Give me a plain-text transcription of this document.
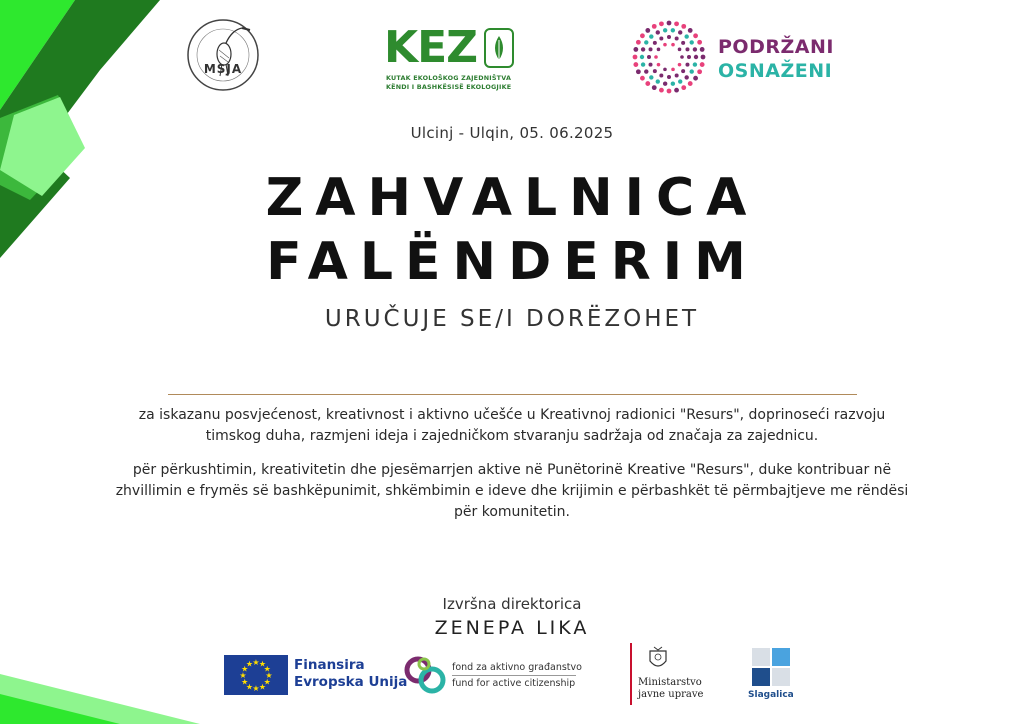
MSJA	KEZ
KUTAK EKOLOŠKOG ZAJEDNIŠTVA
KËNDI I BASHKËSISË EKOLOGJIKE
PODRŽANI
OSNAŽENI
Ulcinj - Ulqin, 05. 06.2025
ZAHVALNICA
FALËNDERIM
URUČUJE SE/I DORËZOHET
za iskazanu posvjećenost, kreativnost i aktivno učešće u Kreativnoj radionici "Resurs", doprinoseći razvoju timskog duha, razmjeni ideja i zajedničkom stvaranju sadržaja od značaja za zajednicu.
për përkushtimin, kreativitetin dhe pjesëmarrjen aktive në Punëtorinë Kreative "Resurs", duke kontribuar në zhvillimin e frymës së bashkëpunimit, shkëmbimin e ideve dhe krijimin e përbashkët të përmbajtjeve me rëndësi për komunitetin.
Izvršna direktorica
ZENEPA LIKA
★
★
★
★
★
★
★
★
★ ★ ★
★ Finansira
Evropska Unija
fond za aktivno građanstvo
fund for active citizenship	Ministarstvo
javne uprave	Slagalica
